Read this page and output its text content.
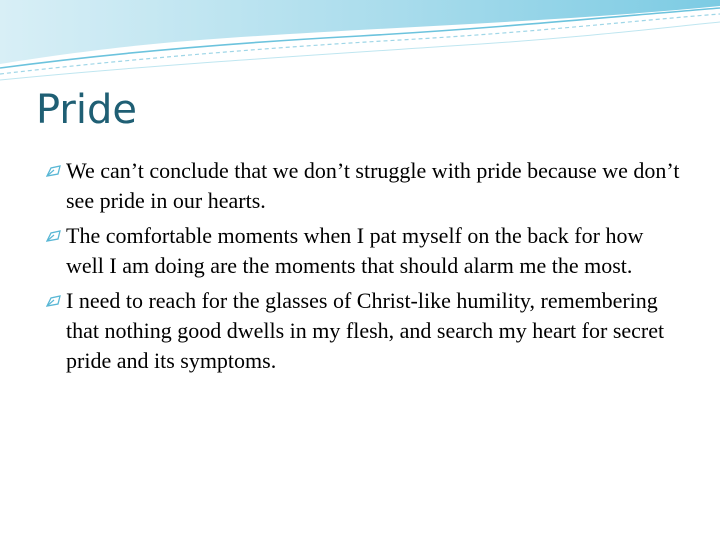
Pride
We can’t conclude that we don’t struggle with pride because we don’t see pride in our hearts.
The comfortable moments when I pat myself on the back for how well I am doing are the moments that should alarm me the most.
I need to reach for the glasses of Christ-like humility, remembering that nothing good dwells in my flesh, and search my heart for secret pride and its symptoms.
